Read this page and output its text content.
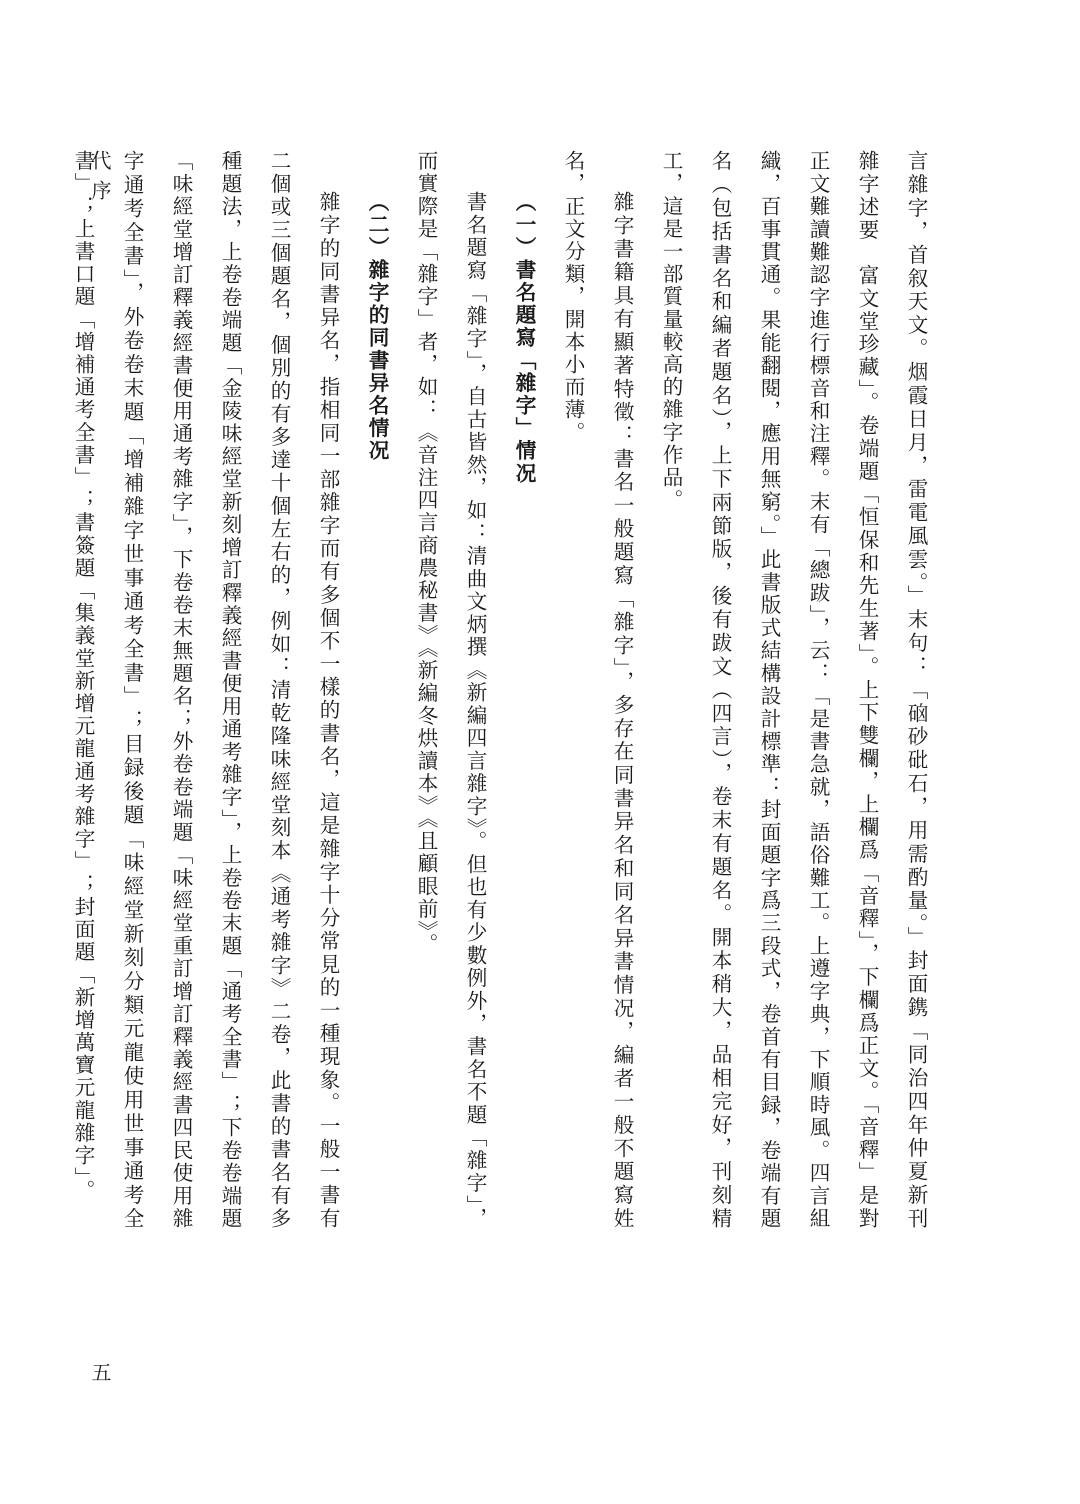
代序	言雜字，首叙天文。烟霞日月，雷電風雲。」末句：「硇砂砒石，用需酌量。」封面鎸「同治四年仲夏新刊　雜字述要　富文堂珍藏」。卷端題「恒保和先生著」。上下雙欄，上欄爲「音釋」，下欄爲正文。「音釋」是對正文難讀難認字進行標音和注釋。末有「總跋」，云：「是書急就，語俗難工。上遵字典，下順時風。四言組織，百事貫通。果能翻閱，應用無窮。」此書版式結構設計標準：封面題字爲三段式，卷首有目録，卷端有題名（包括書名和編者題名），上下兩節版，後有跋文（四言），卷末有題名。開本稍大，品相完好，刊刻精工，這是一部質量較高的雜字作品。

雜字書籍具有顯著特徵：書名一般題寫「雜字」，多存在同書异名和同名异書情况，編者一般不題寫姓名，正文分類，開本小而薄。

（一）書名題寫「雜字」情况

書名題寫「雜字」，自古皆然，如：清曲文炳撰《新編四言雜字》。但也有少數例外，書名不題「雜字」，而實際是「雜字」者，如：《音注四言商農秘書》《新編冬烘讀本》《且顧眼前》。

（二）雜字的同書异名情况

雜字的同書异名，指相同一部雜字而有多個不一樣的書名，這是雜字十分常見的一種現象。一般一書有二個或三個題名，個別的有多達十個左右的，例如：清乾隆味經堂刻本《通考雜字》二卷，此書的書名有多種題法，上卷卷端題「金陵味經堂新刻增訂釋義經書便用通考雜字」，上卷卷末題「通考全書」；下卷卷端題「味經堂增訂釋義經書便用通考雜字」，下卷卷末無題名；外卷卷端題「味經堂重訂增訂釋義經書四民使用雜字通考全書」，外卷卷末題「增補雜字世事通考全書」；目録後題「味經堂新刻分類元龍使用世事通考全書」；上書口題「增補通考全書」；書簽題「集義堂新增元龍通考雜字」；封面題「新增萬寶元龍雜字」。

五
